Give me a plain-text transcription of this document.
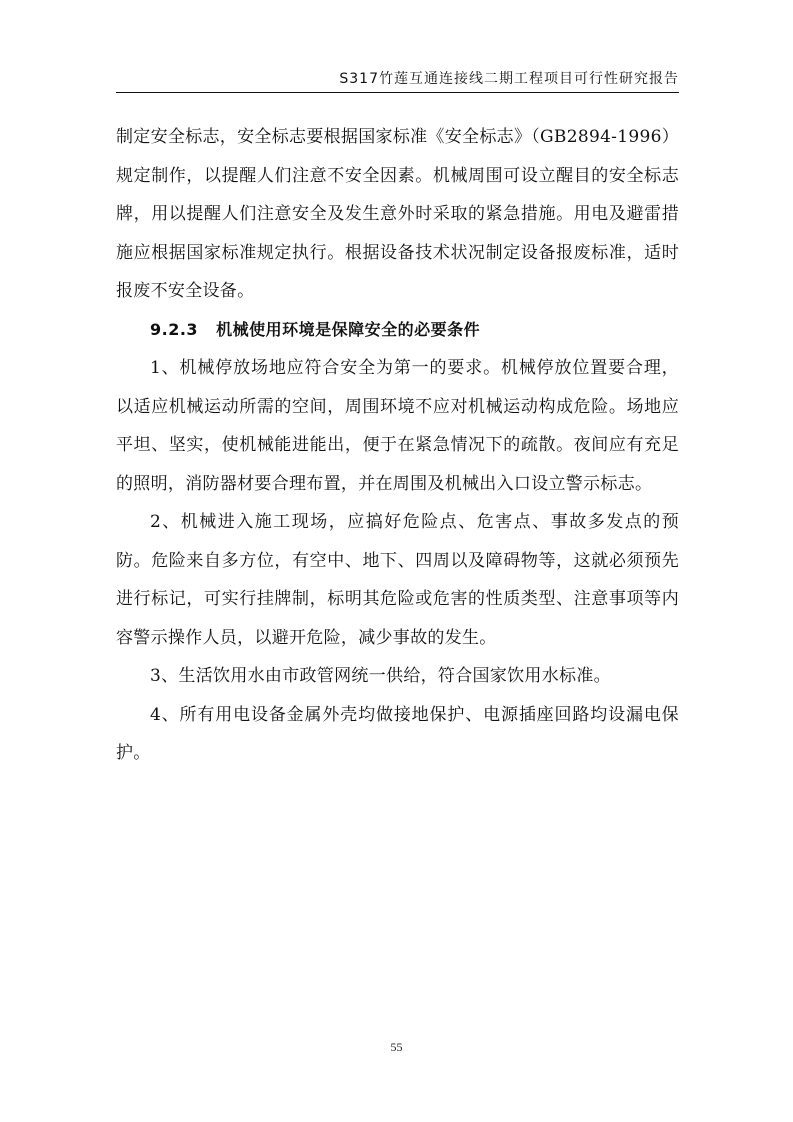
S317竹莲互通连接线二期工程项目可行性研究报告

制定安全标志，安全标志要根据国家标准《安全标志》（GB2894-1996）规定制作，以提醒人们注意不安全因素。机械周围可设立醒目的安全标志牌，用以提醒人们注意安全及发生意外时采取的紧急措施。用电及避雷措施应根据国家标准规定执行。根据设备技术状况制定设备报废标准，适时报废不安全设备。

9.2.3 机械使用环境是保障安全的必要条件

1、机械停放场地应符合安全为第一的要求。机械停放位置要合理，以适应机械运动所需的空间，周围环境不应对机械运动构成危险。场地应平坦、坚实，使机械能进能出，便于在紧急情况下的疏散。夜间应有充足的照明，消防器材要合理布置，并在周围及机械出入口设立警示标志。

2、机械进入施工现场，应搞好危险点、危害点、事故多发点的预防。危险来自多方位，有空中、地下、四周以及障碍物等，这就必须预先进行标记，可实行挂牌制，标明其危险或危害的性质类型、注意事项等内容警示操作人员，以避开危险，减少事故的发生。

3、生活饮用水由市政管网统一供给，符合国家饮用水标准。

4、所有用电设备金属外壳均做接地保护、电源插座回路均设漏电保护。

55
